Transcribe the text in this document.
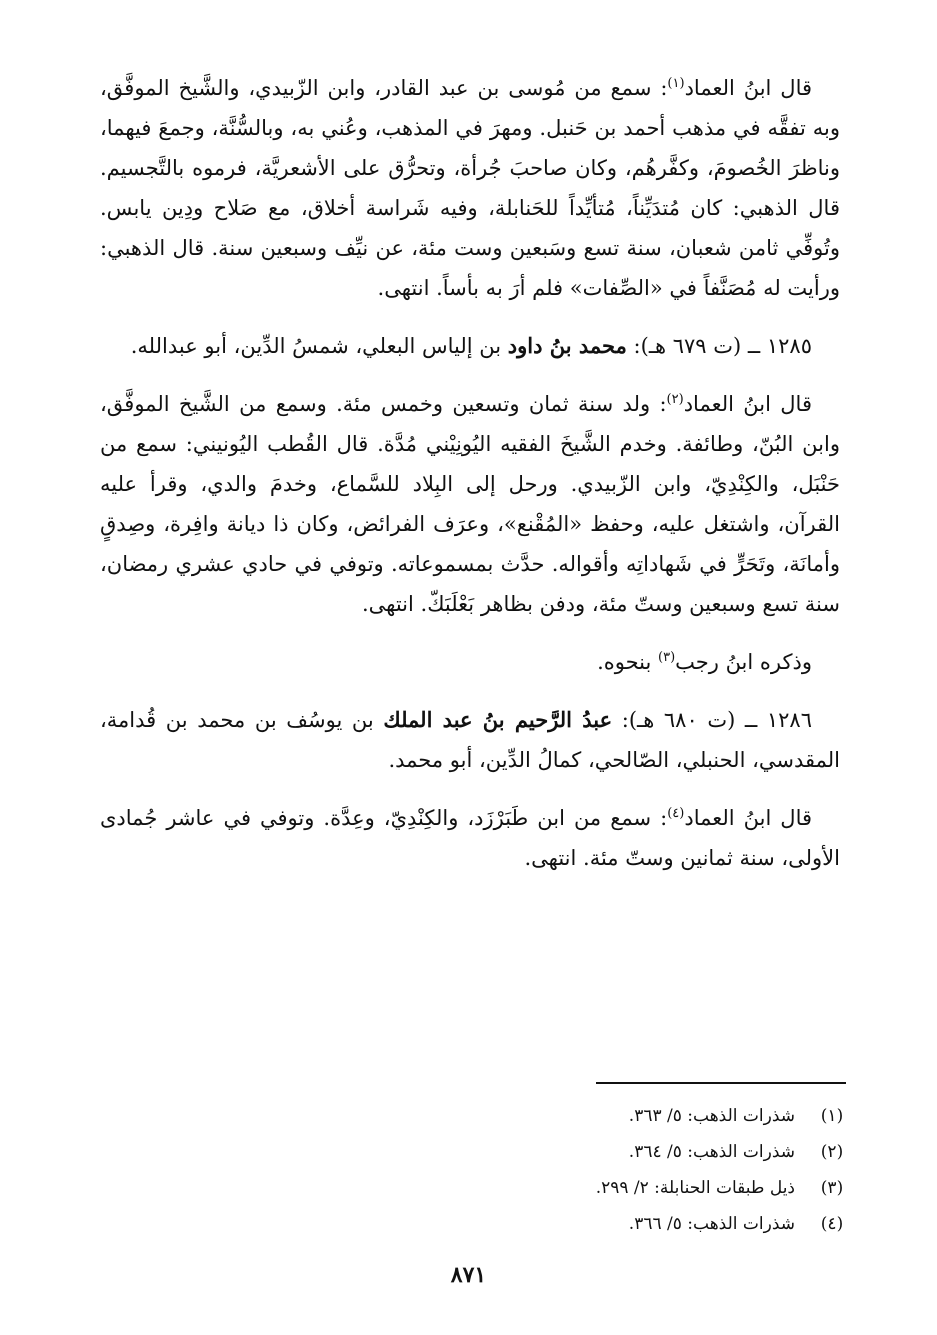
قال ابنُ العماد$^{(١)}$: سمع من مُوسى بن عبد القادر، وابن الزّبيدي، والشَّيخ الموفَّق، وبه تفقَّه في مذهب أحمد بن حَنبل. ومهرَ في المذهب، وعُني به، وبالسُّنَّة، وجمعَ فيهما، وناظرَ الخُصومَ، وكفَّرهُم، وكان صاحبَ جُرأة، وتحرُّق على الأشعريَّة، فرموه بالتَّجسيم. قال الذهبي: كان مُتدَيِّناً، مُتأيِّداً للحَنابلة، وفيه شَراسة أخلاق، مع صَلاح ودِين يابس. وتُوفِّي ثامن شعبان، سنة تسع وسَبعين وست مئة، عن نيِّف وسبعين سنة. قال الذهبي: ورأيت له مُصَنَّفاً في «الصِّفات» فلم أرَ به بأساً. انتهى.

١٢٨٥ ــ (ت ٦٧٩ هـ): محمد بنُ داود بن إلياس البعلي، شمسُ الدِّين، أبو عبدالله.

قال ابنُ العماد$^{(٢)}$: ولد سنة ثمان وتسعين وخمس مئة. وسمع من الشَّيخ الموفَّق، وابن البُنّ، وطائفة. وخدم الشَّيخَ الفقيه اليُونِيْني مُدَّة. قال القُطب اليُونيني: سمع من حَنْبَل، والكِنْدِيّ، وابن الزّبيدي. ورحل إلى البِلاد للسَّماع، وخدمَ والدي، وقرأ عليه القرآن، واشتغل عليه، وحفظ «المُقْنع»، وعرَف الفرائض، وكان ذا ديانة وافِرة، وصِدقٍ وأمانَة، وتَحَرٍّ في شَهاداتِه وأقواله. حدَّث بمسموعاته. وتوفي في حادي عشري رمضان، سنة تسع وسبعين وستّ مئة، ودفن بظاهر بَعْلَبَكّ. انتهى.

وذكره ابنُ رجب$^{(٣)}$ بنحوه.

١٢٨٦ ــ (ت ٦٨٠ هـ): عبدُ الرَّحيم بنُ عبد الملك بن يوسُف بن محمد بن قُدامة، المقدسي، الحنبلي، الصّالحي، كمالُ الدِّين، أبو محمد.

قال ابنُ العماد$^{(٤)}$: سمع من ابن طَبَرْزَد، والكِنْدِيّ، وعِدَّة. وتوفي في عاشر جُمادى الأولى، سنة ثمانين وستّ مئة. انتهى.

(١)
شذرات الذهب: ٥/ ٣٦٣.
(٢)
شذرات الذهب: ٥/ ٣٦٤.
(٣)
ذيل طبقات الحنابلة: ٢/ ٢٩٩.
(٤)
شذرات الذهب: ٥/ ٣٦٦.
٨٧١
